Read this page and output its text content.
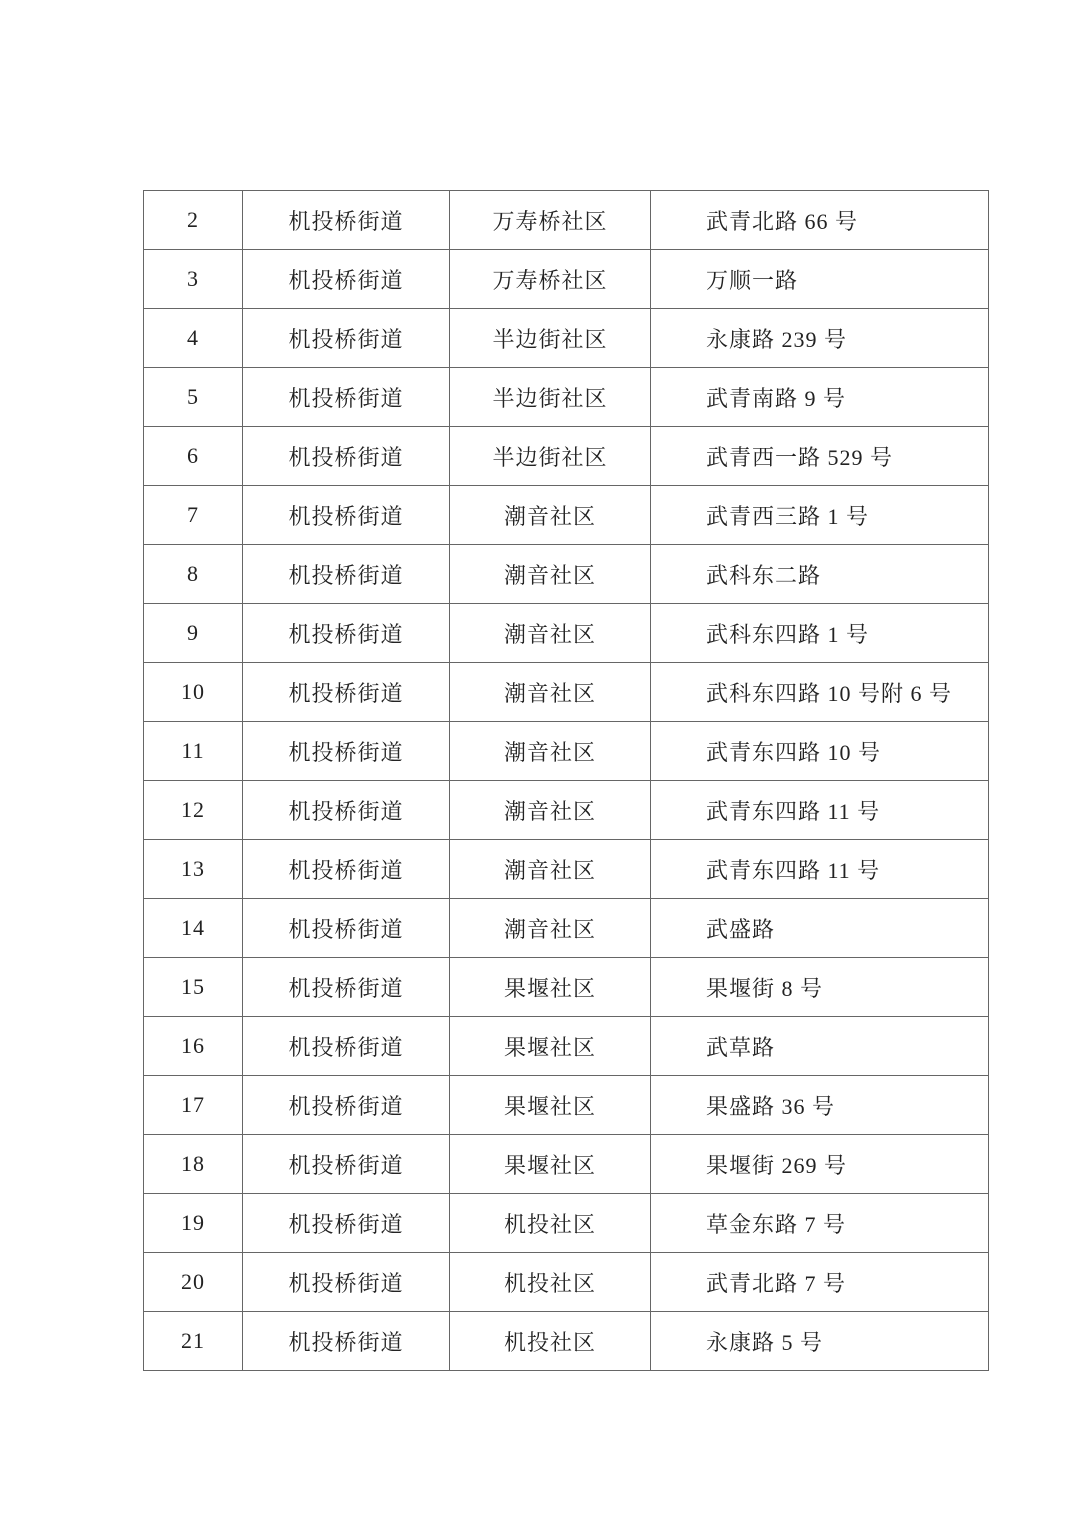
2	机投桥街道	万寿桥社区	武青北路 66 号
3	机投桥街道	万寿桥社区	万顺一路
4	机投桥街道	半边街社区	永康路 239 号
5	机投桥街道	半边街社区	武青南路 9 号
6	机投桥街道	半边街社区	武青西一路 529 号
7	机投桥街道	潮音社区	武青西三路 1 号
8	机投桥街道	潮音社区	武科东二路
9	机投桥街道	潮音社区	武科东四路 1 号
10	机投桥街道	潮音社区	武科东四路 10 号附 6 号
11	机投桥街道	潮音社区	武青东四路 10 号
12	机投桥街道	潮音社区	武青东四路 11 号
13	机投桥街道	潮音社区	武青东四路 11 号
14	机投桥街道	潮音社区	武盛路
15	机投桥街道	果堰社区	果堰街 8 号
16	机投桥街道	果堰社区	武草路
17	机投桥街道	果堰社区	果盛路 36 号
18	机投桥街道	果堰社区	果堰街 269 号
19	机投桥街道	机投社区	草金东路 7 号
20	机投桥街道	机投社区	武青北路 7 号
21	机投桥街道	机投社区	永康路 5 号
